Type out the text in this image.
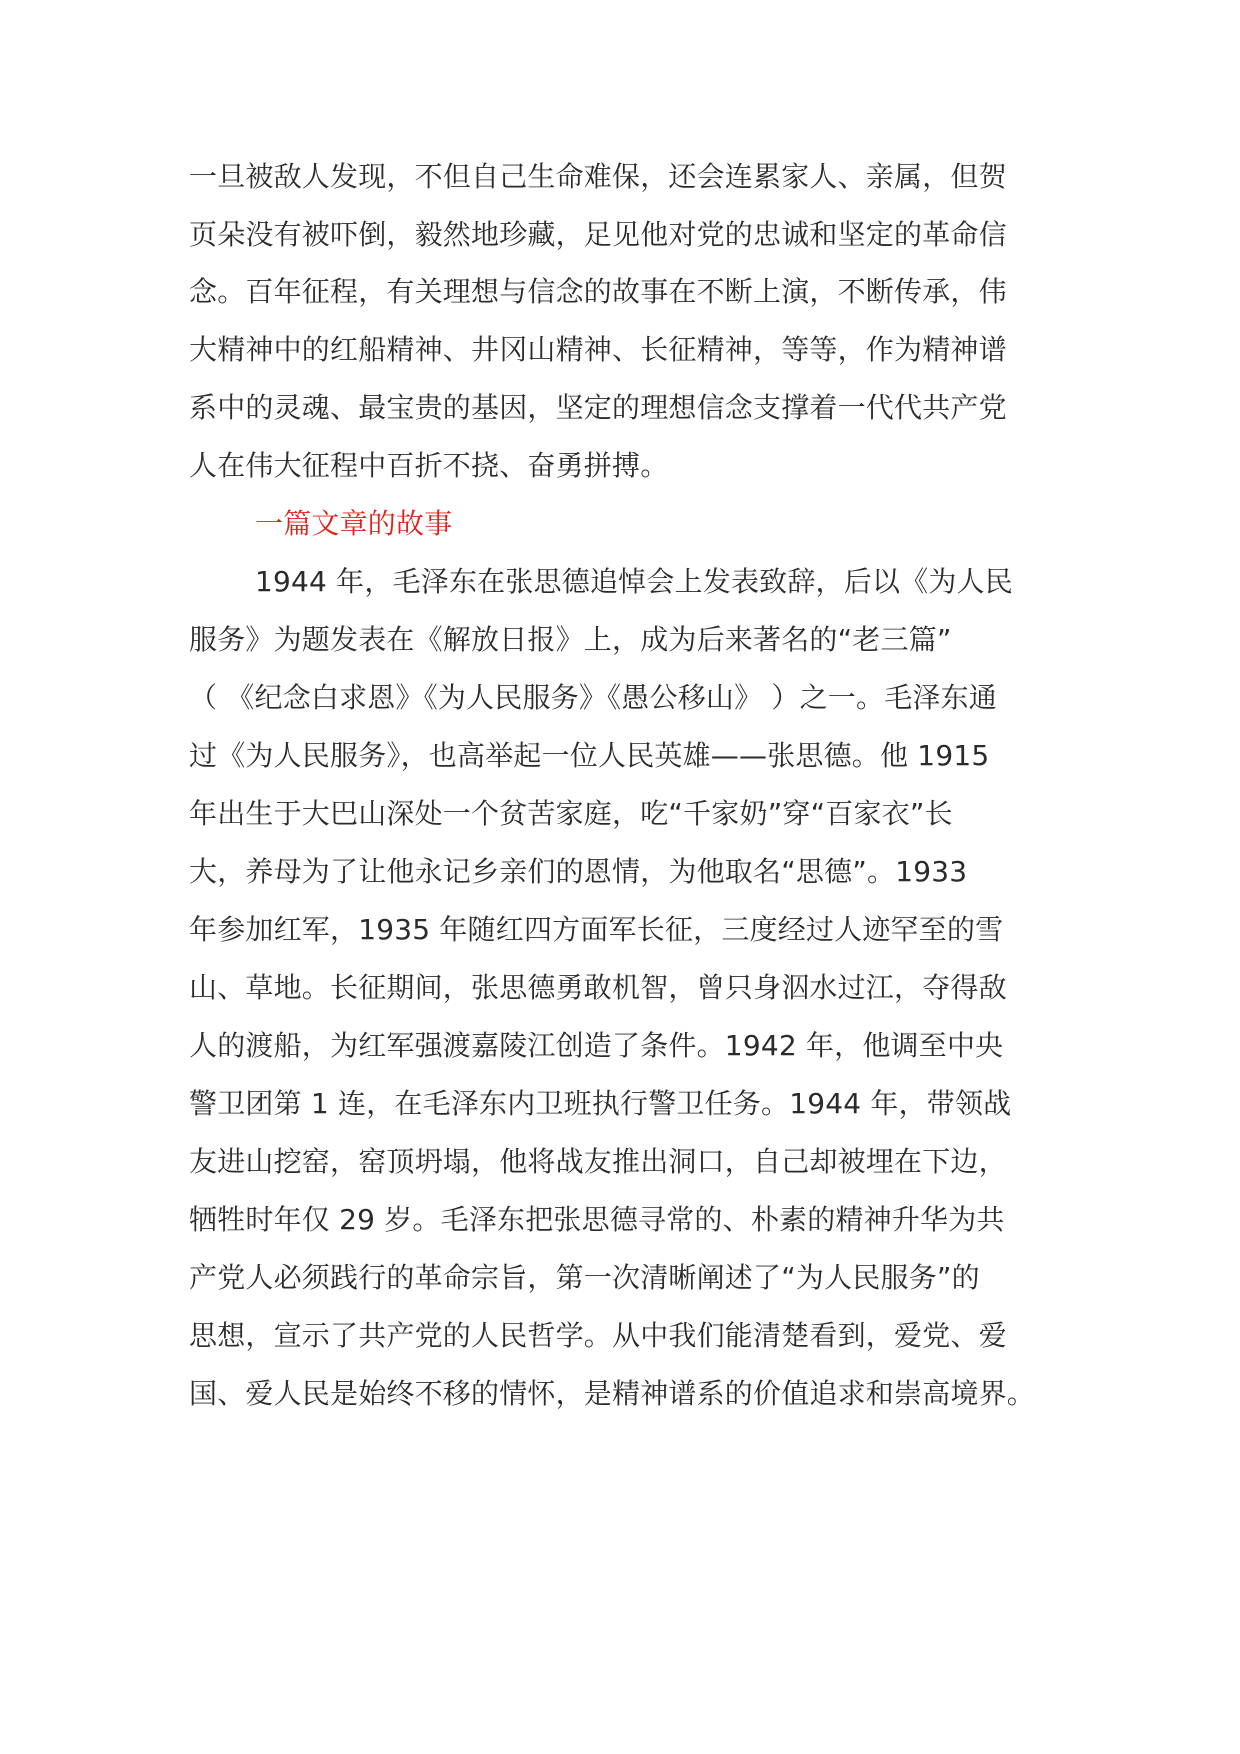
一旦被敌人发现，不但自己生命难保，还会连累家人、亲属，但贺
页朵没有被吓倒，毅然地珍藏，足见他对党的忠诚和坚定的革命信
念。百年征程，有关理想与信念的故事在不断上演，不断传承，伟
大精神中的红船精神、井冈山精神、长征精神，等等，作为精神谱
系中的灵魂、最宝贵的基因，坚定的理想信念支撑着一代代共产党
人在伟大征程中百折不挠、奋勇拼搏。
一篇文章的故事
1944 年，毛泽东在张思德追悼会上发表致辞，后以《为人民
服务》为题发表在《解放日报》上，成为后来著名的“老三篇”
（ 《纪念白求恩》《为人民服务》《愚公移山》 ）之一。毛泽东通
过《为人民服务》，也高举起一位人民英雄——张思德。他 1915
年出生于大巴山深处一个贫苦家庭，吃“千家奶”穿“百家衣”长
大，养母为了让他永记乡亲们的恩情，为他取名“思德”。1933
年参加红军，1935 年随红四方面军长征，三度经过人迹罕至的雪
山、草地。长征期间，张思德勇敢机智，曾只身泅水过江，夺得敌
人的渡船，为红军强渡嘉陵江创造了条件。1942 年，他调至中央
警卫团第 1 连，在毛泽东内卫班执行警卫任务。1944 年，带领战
友进山挖窑，窑顶坍塌，他将战友推出洞口，自己却被埋在下边，
牺牲时年仅 29 岁。毛泽东把张思德寻常的、朴素的精神升华为共
产党人必须践行的革命宗旨，第一次清晰阐述了“为人民服务”的
思想，宣示了共产党的人民哲学。从中我们能清楚看到，爱党、爱
国、爱人民是始终不移的情怀，是精神谱系的价值追求和崇高境界。
